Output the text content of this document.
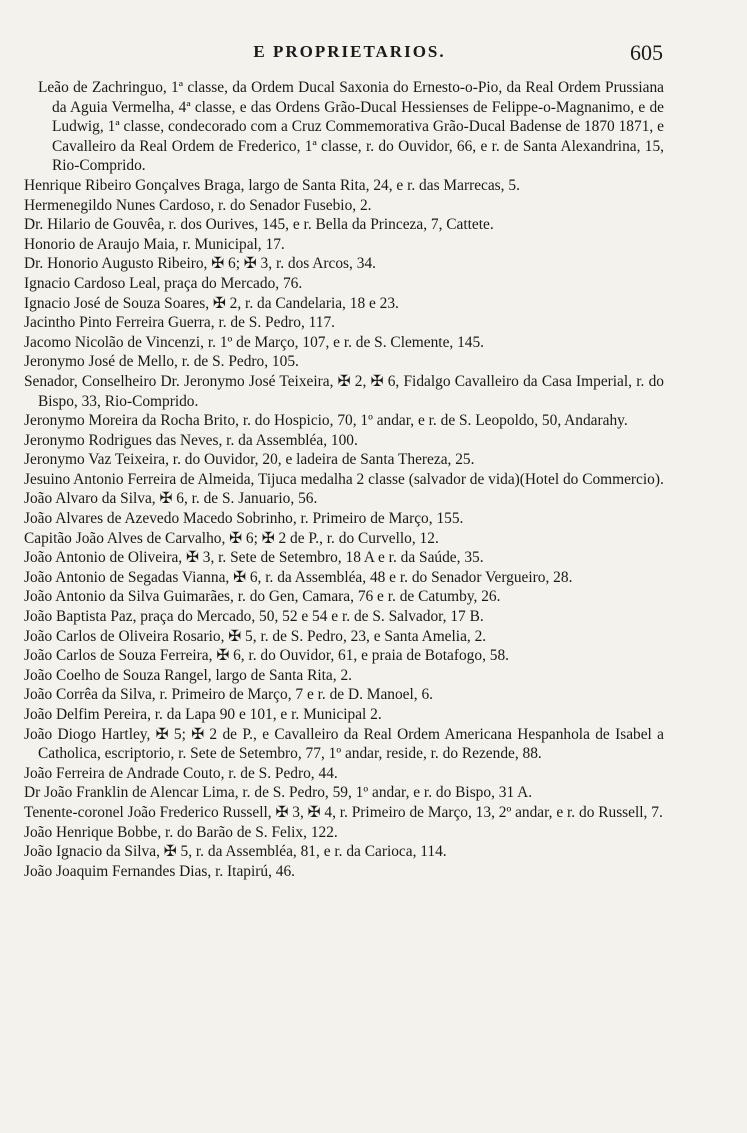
E PROPRIETARIOS.	605
Leão de Zachringuo, 1ª classe, da Ordem Ducal Saxonia do Ernesto-o-Pio, da Real Ordem Prussiana da Aguia Vermelha, 4ª classe, e das Ordens Grão-Ducal Hessienses de Felippe-o-Magnanimo, e de Ludwig, 1ª classe, condecorado com a Cruz Commemorativa Grão-Ducal Badense de 1870 1871, e Cavalleiro da Real Ordem de Frederico, 1ª classe, r. do Ouvidor, 66, e r. de Santa Alexandrina, 15, Rio-Comprido.
Henrique Ribeiro Gonçalves Braga, largo de Santa Rita, 24, e r. das Marrecas, 5.
Hermenegildo Nunes Cardoso, r. do Senador Fusebio, 2.
Dr. Hilario de Gouvêa, r. dos Ourives, 145, e r. Bella da Princeza, 7, Cattete.
Honorio de Araujo Maia, r. Municipal, 17.
Dr. Honorio Augusto Ribeiro, ✠ 6; ✠ 3, r. dos Arcos, 34.
Ignacio Cardoso Leal, praça do Mercado, 76.
Ignacio José de Souza Soares, ✠ 2, r. da Candelaria, 18 e 23.
Jacintho Pinto Ferreira Guerra, r. de S. Pedro, 117.
Jacomo Nicolão de Vincenzi, r. 1º de Março, 107, e r. de S. Clemente, 145.
Jeronymo José de Mello, r. de S. Pedro, 105.
Senador, Conselheiro Dr. Jeronymo José Teixeira, ✠ 2, ✠ 6, Fidalgo Cavalleiro da Casa Imperial, r. do Bispo, 33, Rio-Comprido.
Jeronymo Moreira da Rocha Brito, r. do Hospicio, 70, 1º andar, e r. de S. Leopoldo, 50, Andarahy.
Jeronymo Rodrigues das Neves, r. da Assembléa, 100.
Jeronymo Vaz Teixeira, r. do Ouvidor, 20, e ladeira de Santa Thereza, 25.
Jesuino Antonio Ferreira de Almeida, Tijuca medalha 2 classe (salvador de vida)(Hotel do Commercio).
João Alvaro da Silva, ✠ 6, r. de S. Januario, 56.
João Alvares de Azevedo Macedo Sobrinho, r. Primeiro de Março, 155.
Capitão João Alves de Carvalho, ✠ 6; ✠ 2 de P., r. do Curvello, 12.
João Antonio de Oliveira, ✠ 3, r. Sete de Setembro, 18 A e r. da Saúde, 35.
João Antonio de Segadas Vianna, ✠ 6, r. da Assembléa, 48 e r. do Senador Vergueiro, 28.
João Antonio da Silva Guimarães, r. do Gen, Camara, 76 e r. de Catumby, 26.
João Baptista Paz, praça do Mercado, 50, 52 e 54 e r. de S. Salvador, 17 B.
João Carlos de Oliveira Rosario, ✠ 5, r. de S. Pedro, 23, e Santa Amelia, 2.
João Carlos de Souza Ferreira, ✠ 6, r. do Ouvidor, 61, e praia de Botafogo, 58.
João Coelho de Souza Rangel, largo de Santa Rita, 2.
João Corrêa da Silva, r. Primeiro de Março, 7 e r. de D. Manoel, 6.
João Delfim Pereira, r. da Lapa 90 e 101, e r. Municipal 2.
João Diogo Hartley, ✠ 5; ✠ 2 de P., e Cavalleiro da Real Ordem Americana Hespanhola de Isabel a Catholica, escriptorio, r. Sete de Setembro, 77, 1º andar, reside, r. do Rezende, 88.
João Ferreira de Andrade Couto, r. de S. Pedro, 44.
Dr João Franklin de Alencar Lima, r. de S. Pedro, 59, 1º andar, e r. do Bispo, 31 A.
Tenente-coronel João Frederico Russell, ✠ 3, ✠ 4, r. Primeiro de Março, 13, 2º andar, e r. do Russell, 7.
João Henrique Bobbe, r. do Barão de S. Felix, 122.
João Ignacio da Silva, ✠ 5, r. da Assembléa, 81, e r. da Carioca, 114.
João Joaquim Fernandes Dias, r. Itapirú, 46.
